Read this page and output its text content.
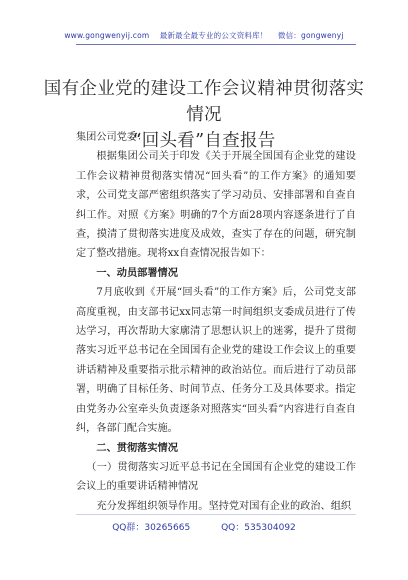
www.gongwenyij.com 最新最全最专业的公文资料库！ 微信：gongwenyj
国有企业党的建设工作会议精神贯彻落实情况
“回头看”自查报告

集团公司党委：

根据集团公司关于印发《关于开展全国国有企业党的建设工作会议精神贯彻落实情况“回头看”的工作方案》的通知要求，公司党支部严密组织落实了学习动员、安排部署和自查自纠工作。对照《方案》明确的7个方面28项内容逐条进行了自查，摸清了贯彻落实进度及成效，查实了存在的问题，研究制定了整改措施。现将xx自查情况报告如下：

一、动员部署情况

7月底收到《开展“回头看”的工作方案》后，公司党支部高度重视，由支部书记xx同志第一时间组织支委成员进行了传达学习，再次帮助大家廓清了思想认识上的迷雾，提升了贯彻落实习近平总书记在全国国有企业党的建设工作会议上的重要讲话精神及重要指示批示精神的政治站位。而后进行了动员部署，明确了目标任务、时间节点、任务分工及具体要求。指定由党务办公室牵头负责逐条对照落实“回头看”内容进行自查自纠，各部门配合实施。

二、贯彻落实情况

（一）贯彻落实习近平总书记在全国国有企业党的建设工作会议上的重要讲话精神情况

充分发挥组织领导作用。坚持党对国有企业的政治、组织

QQ群：30265665	QQ：535304092
